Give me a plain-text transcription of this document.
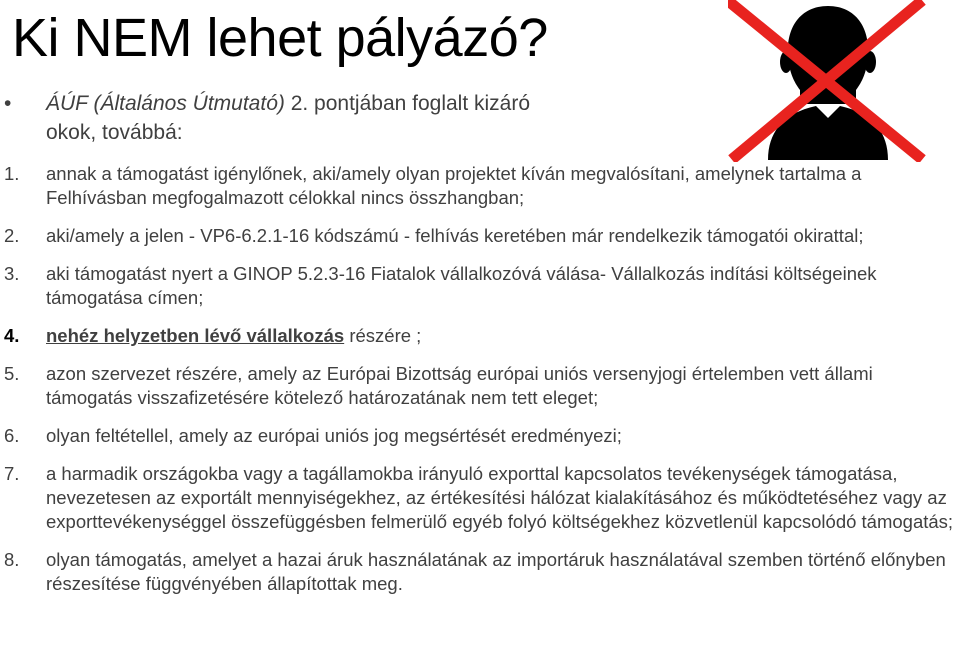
Ki NEM lehet pályázó?
•	ÁÚF (Általános Útmutató) 2. pontjában foglalt kizáró
okok, továbbá:
1. annak a támogatást igénylőnek, aki/amely olyan projektet kíván megvalósítani, amelynek tartalma a Felhívásban megfogalmazott célokkal nincs összhangban;
2. aki/amely a jelen - VP6-6.2.1-16 kódszámú - felhívás keretében már rendelkezik támogatói okirattal;
3. aki támogatást nyert a GINOP 5.2.3-16 Fiatalok vállalkozóvá válása- Vállalkozás indítási költségeinek támogatása címen;
4. nehéz helyzetben lévő vállalkozás részére ;
5. azon szervezet részére, amely az Európai Bizottság európai uniós versenyjogi értelemben vett állami támogatás visszafizetésére kötelező határozatának nem tett eleget;
6. olyan feltétellel, amely az európai uniós jog megsértését eredményezi;
7. a harmadik országokba vagy a tagállamokba irányuló exporttal kapcsolatos tevékenységek támogatása, nevezetesen az exportált mennyiségekhez, az értékesítési hálózat kialakításához és működtetéséhez vagy az exporttevékenységgel összefüggésben felmerülő egyéb folyó költségekhez közvetlenül kapcsolódó támogatás;
8. olyan támogatás, amelyet a hazai áruk használatának az importáruk használatával szemben történő előnyben részesítése függvényében állapítottak meg.
